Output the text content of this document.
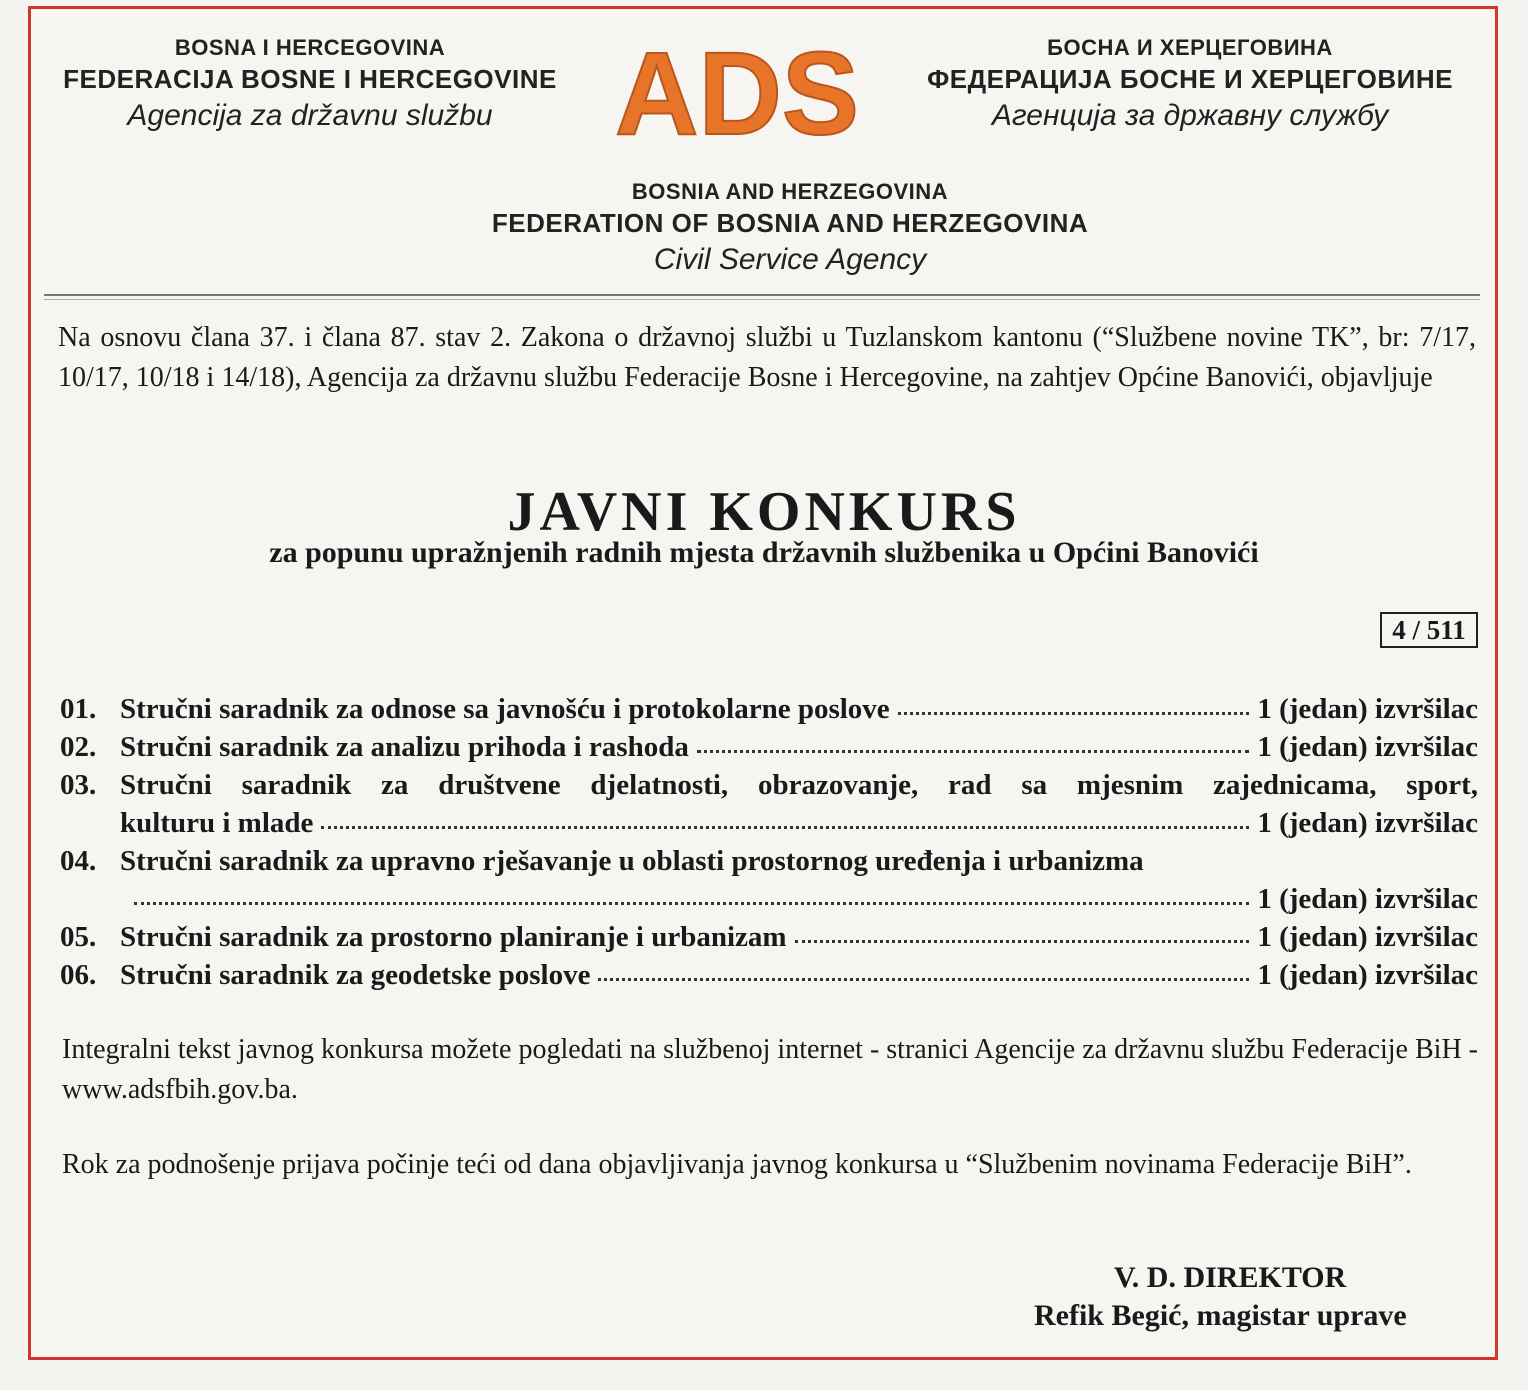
BOSNA I HERCEGOVINA
FEDERACIJA BOSNE I HERCEGOVINE
Agencija za državnu službu	ADS	БОСНА И ХЕРЦЕГОВИНА
ФЕДЕРАЦИЈА БОСНЕ И ХЕРЦЕГОВИНЕ
Агенција за државну службу
BOSNIA AND HERZEGOVINA
FEDERATION OF BOSNIA AND HERZEGOVINA
Civil Service Agency
Na osnovu člana 37. i člana 87. stav 2. Zakona o državnoj službi u Tuzlanskom kantonu (“Službene novine TK”, br: 7/17, 10/17, 10/18 i 14/18), Agencija za državnu službu Federacije Bosne i Hercegovine, na zahtjev Općine Banovići, objavljuje
JAVNI KONKURS
za popunu upražnjenih radnih mjesta državnih službenika u Općini Banovići
4 / 511
01. Stručni saradnik za odnose sa javnošću i protokolarne poslove	1 (jedan) izvršilac
02. Stručni saradnik za analizu prihoda i rashoda	1 (jedan) izvršilac
03. Stručni saradnik za društvene djelatnosti, obrazovanje, rad sa mjesnim zajednicama, sport,
kulturu i mlade	1 (jedan) izvršilac
04. Stručni saradnik za upravno rješavanje u oblasti prostornog uređenja i urbanizma
1 (jedan) izvršilac
05. Stručni saradnik za prostorno planiranje i urbanizam	1 (jedan) izvršilac
06. Stručni saradnik za geodetske poslove	1 (jedan) izvršilac
Integralni tekst javnog konkursa možete pogledati na službenoj internet - stranici Agencije za državnu službu Federacije BiH - www.adsfbih.gov.ba.
Rok za podnošenje prijava počinje teći od dana objavljivanja javnog konkursa u “Službenim novinama Federacije BiH”.
V. D. DIREKTOR
Refik Begić, magistar uprave
